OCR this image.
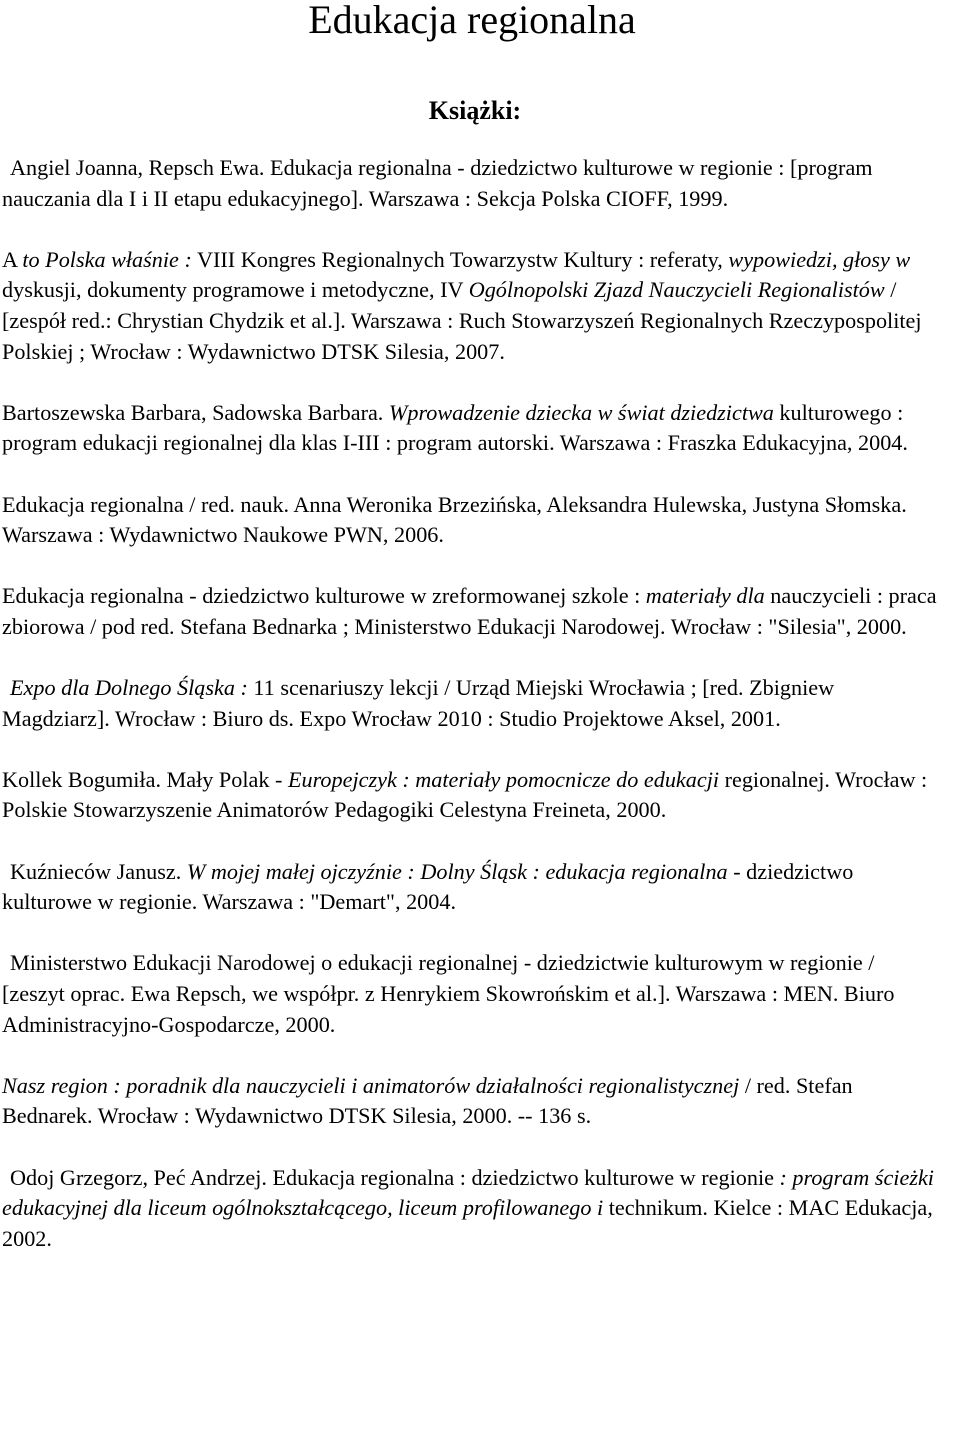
Edukacja regionalna
Książki:

Angiel Joanna, Repsch Ewa. Edukacja regionalna - dziedzictwo kulturowe w regionie : [program nauczania dla I i II etapu edukacyjnego]. Warszawa : Sekcja Polska CIOFF, 1999.

A to Polska właśnie : VIII Kongres Regionalnych Towarzystw Kultury : referaty, wypowiedzi, głosy w dyskusji, dokumenty programowe i metodyczne, IV Ogólnopolski Zjazd Nauczycieli Regionalistów / [zespół red.: Chrystian Chydzik et al.]. Warszawa : Ruch Stowarzyszeń Regionalnych Rzeczypospolitej Polskiej ; Wrocław : Wydawnictwo DTSK Silesia, 2007.

Bartoszewska Barbara, Sadowska Barbara. Wprowadzenie dziecka w świat dziedzictwa kulturowego : program edukacji regionalnej dla klas I-III : program autorski. Warszawa : Fraszka Edukacyjna, 2004.

Edukacja regionalna / red. nauk. Anna Weronika Brzezińska, Aleksandra Hulewska, Justyna Słomska. Warszawa : Wydawnictwo Naukowe PWN, 2006.

Edukacja regionalna - dziedzictwo kulturowe w zreformowanej szkole : materiały dla nauczycieli : praca zbiorowa / pod red. Stefana Bednarka ; Ministerstwo Edukacji Narodowej. Wrocław : "Silesia", 2000.

Expo dla Dolnego Śląska : 11 scenariuszy lekcji / Urząd Miejski Wrocławia ; [red. Zbigniew Magdziarz]. Wrocław : Biuro ds. Expo Wrocław 2010 : Studio Projektowe Aksel, 2001.

Kollek Bogumiła. Mały Polak - Europejczyk : materiały pomocnicze do edukacji regionalnej. Wrocław : Polskie Stowarzyszenie Animatorów Pedagogiki Celestyna Freineta, 2000.

Kuźnieców Janusz. W mojej małej ojczyźnie : Dolny Śląsk : edukacja regionalna - dziedzictwo kulturowe w regionie. Warszawa : "Demart", 2004.

Ministerstwo Edukacji Narodowej o edukacji regionalnej - dziedzictwie kulturowym w regionie / [zeszyt oprac. Ewa Repsch, we współpr. z Henrykiem Skowrońskim et al.]. Warszawa : MEN. Biuro Administracyjno-Gospodarcze, 2000.

Nasz region : poradnik dla nauczycieli i animatorów działalności regionalistycznej / red. Stefan Bednarek. Wrocław : Wydawnictwo DTSK Silesia, 2000. -- 136 s.

Odoj Grzegorz, Peć Andrzej. Edukacja regionalna : dziedzictwo kulturowe w regionie : program ścieżki edukacyjnej dla liceum ogólnokształcącego, liceum profilowanego i technikum. Kielce : MAC Edukacja, 2002.
